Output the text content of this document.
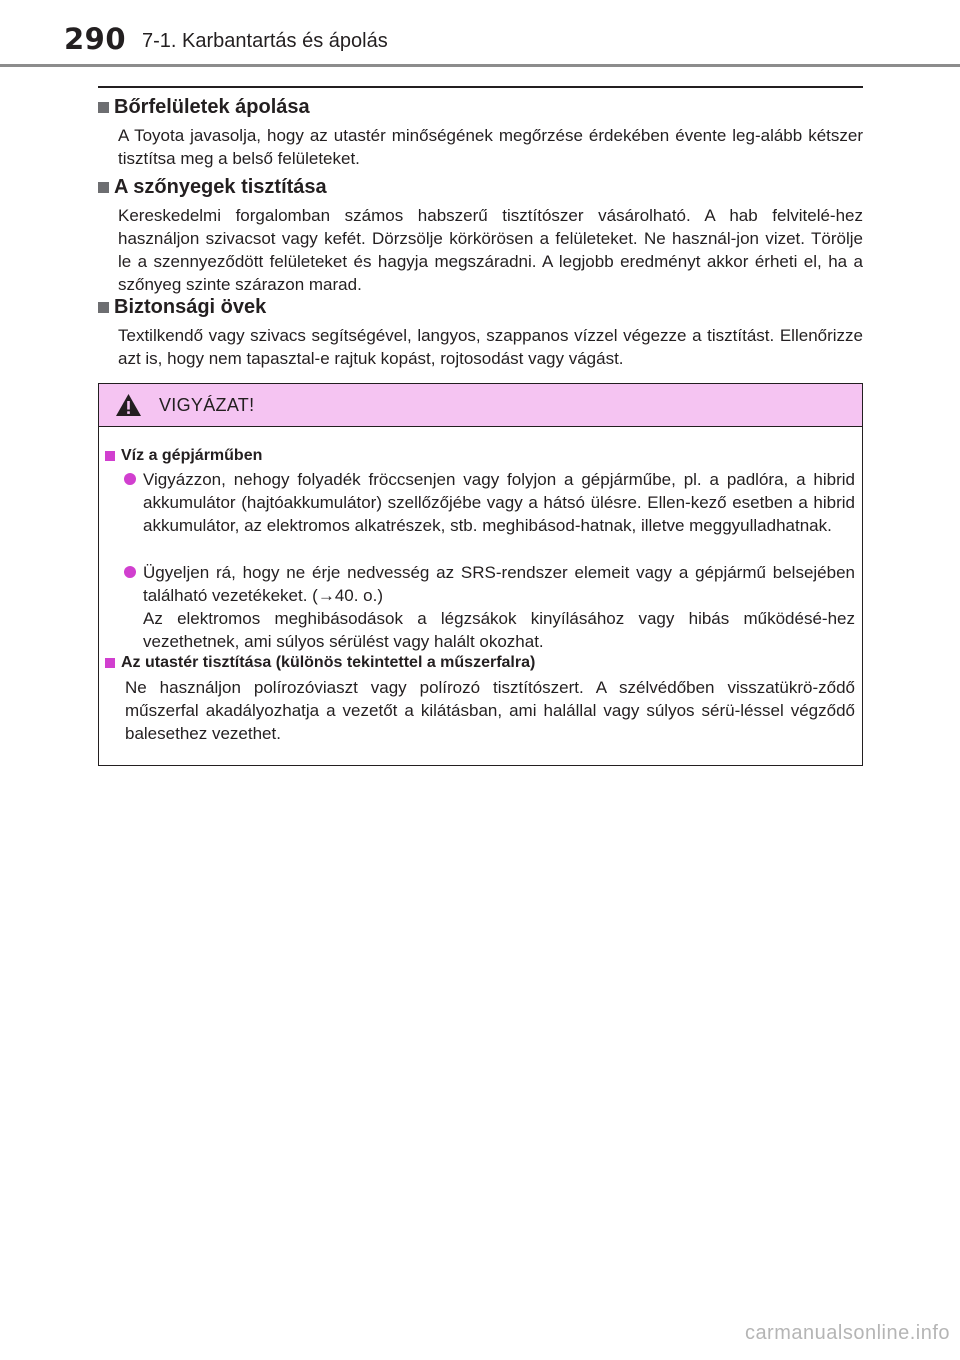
290 7-1. Karbantartás és ápolás
Bőrfelületek ápolása
A Toyota javasolja, hogy az utastér minőségének megőrzése érdekében évente leg-alább kétszer tisztítsa meg a belső felületeket.
A szőnyegek tisztítása
Kereskedelmi forgalomban számos habszerű tisztítószer vásárolható. A hab felvitelé-hez használjon szivacsot vagy kefét. Dörzsölje körkörösen a felületeket. Ne használ-jon vizet. Törölje le a szennyeződött felületeket és hagyja megszáradni. A legjobb eredményt akkor érheti el, ha a szőnyeg szinte szárazon marad.
Biztonsági övek
Textilkendő vagy szivacs segítségével, langyos, szappanos vízzel végezze a tisztítást. Ellenőrizze azt is, hogy nem tapasztal-e rajtuk kopást, rojtosodást vagy vágást.
VIGYÁZAT!
Víz a gépjárműben
Vigyázzon, nehogy folyadék fröccsenjen vagy folyjon a gépjárműbe, pl. a padlóra, a hibrid akkumulátor (hajtóakkumulátor) szellőzőjébe vagy a hátsó ülésre. Ellen-kező esetben a hibrid akkumulátor, az elektromos alkatrészek, stb. meghibásod-hatnak, illetve meggyulladhatnak.
Ügyeljen rá, hogy ne érje nedvesség az SRS-rendszer elemeit vagy a gépjármű belsejében található vezetékeket. (→40. o.)
Az elektromos meghibásodások a légzsákok kinyílásához vagy hibás működésé-hez vezethetnek, ami súlyos sérülést vagy halált okozhat.
Az utastér tisztítása (különös tekintettel a műszerfalra)
Ne használjon polírozóviaszt vagy polírozó tisztítószert. A szélvédőben visszatükrö-ződő műszerfal akadályozhatja a vezetőt a kilátásban, ami halállal vagy súlyos sérü-léssel végződő balesethez vezethet.
carmanualsonline.info
